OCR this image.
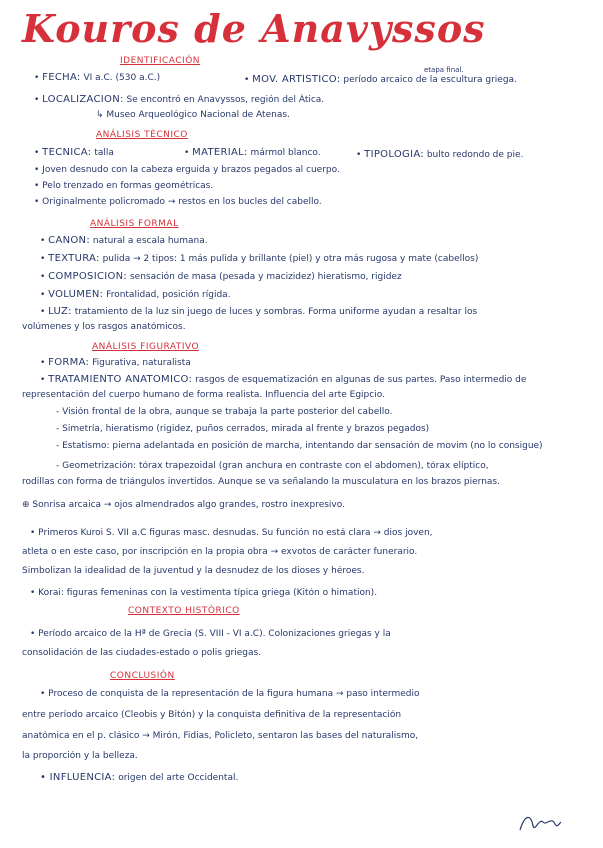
Kouros de Anavyssos
IDENTIFICACIÓN
etapa final.
• FECHA: VI a.C. (530 a.C.)	• MOV. ARTÍSTICO: período arcaico de la escultura griega.
• LOCALIZACIÓN: Se encontró en Anavyssos, región del Ática.
↳ Museo Arqueológico Nacional de Atenas.
ANÁLISIS TÉCNICO
• TÉCNICA: talla	• MATERIAL: mármol blanco.	• TIPOLOGÍA: bulto redondo de pie.
• Joven desnudo con la cabeza erguida y brazos pegados al cuerpo.
• Pelo trenzado en formas geométricas.
• Originalmente policromado → restos en los bucles del cabello.
ANÁLISIS FORMAL
• CANON: natural a escala humana.
• TEXTURA: pulida → 2 tipos: 1 más pulida y brillante (piel) y otra más rugosa y mate (cabellos)
• COMPOSICIÓN: sensación de masa (pesada y macizidez) hieratismo, rigidez
• VOLUMEN: Frontalidad, posición rígida.
• LUZ: tratamiento de la luz sin juego de luces y sombras. Forma uniforme ayudan a resaltar los
volúmenes y los rasgos anatómicos.
ANÁLISIS FIGURATIVO
• FORMA: Figurativa, naturalista
• TRATAMIENTO ANATÓMICO: rasgos de esquematización en algunas de sus partes. Paso intermedio de
representación del cuerpo humano de forma realista. Influencia del arte Egipcio.
- Visión frontal de la obra, aunque se trabaja la parte posterior del cabello.
- Simetría, hieratismo (rigidez, puños cerrados, mirada al frente y brazos pegados)
- Estatismo: pierna adelantada en posición de marcha, intentando dar sensación de movim (no lo consigue)
- Geometrización: tórax trapezoidal (gran anchura en contraste con el abdomen), tórax elíptico,
rodillas con forma de triángulos invertidos. Aunque se va señalando la musculatura en los brazos piernas.
⊕ Sonrisa arcaica → ojos almendrados algo grandes, rostro inexpresivo.
• Primeros Kuroi S. VII a.C figuras masc. desnudas. Su función no está clara → dios joven,
atleta o en este caso, por inscripción en la propia obra → exvotos de carácter funerario.
Simbolizan la idealidad de la juventud y la desnudez de los dioses y héroes.
• Korai: figuras femeninas con la vestimenta típica griega (Kitón o himation).
CONTEXTO HISTÓRICO
• Período arcaico de la Hª de Grecia (S. VIII - VI a.C). Colonizaciones griegas y la
consolidación de las ciudades-estado o polis griegas.
CONCLUSIÓN
• Proceso de conquista de la representación de la figura humana → paso intermedio
entre período arcaico (Cleobis y Bitón) y la conquista definitiva de la representación
anatómica en el p. clásico → Mirón, Fidias, Policleto, sentaron las bases del naturalismo,
la proporción y la belleza.
• INFLUENCIA: origen del arte Occidental.
